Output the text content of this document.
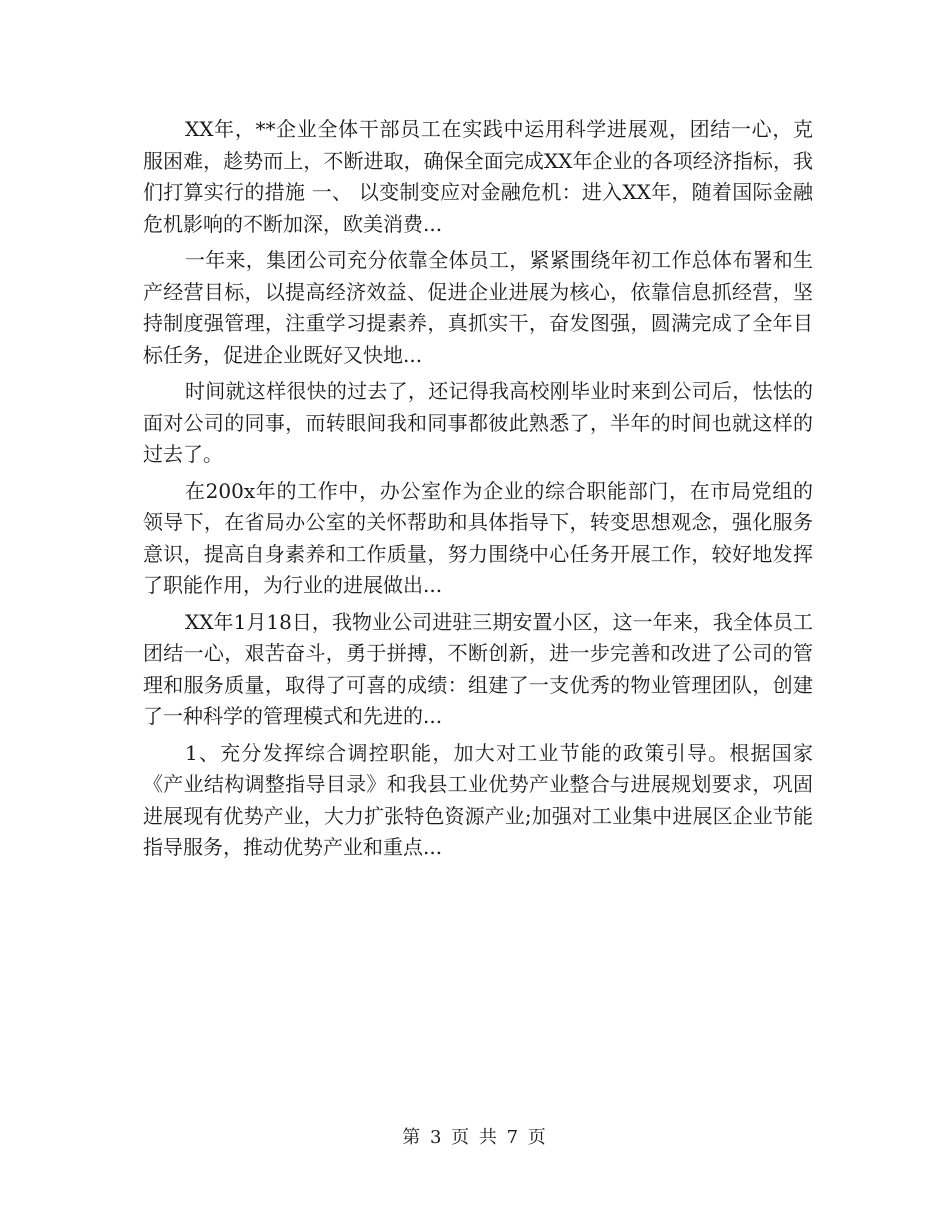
XX年，**企业全体干部员工在实践中运用科学进展观，团结一心，克服困难，趁势而上，不断进取，确保全面完成XX年企业的各项经济指标，我们打算实行的措施 一、 以变制变应对金融危机：进入XX年，随着国际金融危机影响的不断加深，欧美消费...

一年来，集团公司充分依靠全体员工，紧紧围绕年初工作总体布署和生产经营目标，以提高经济效益、促进企业进展为核心，依靠信息抓经营，坚持制度强管理，注重学习提素养，真抓实干，奋发图强，圆满完成了全年目标任务，促进企业既好又快地...

时间就这样很快的过去了，还记得我高校刚毕业时来到公司后，怯怯的面对公司的同事，而转眼间我和同事都彼此熟悉了，半年的时间也就这样的过去了。

在200x年的工作中，办公室作为企业的综合职能部门，在市局党组的领导下，在省局办公室的关怀帮助和具体指导下，转变思想观念，强化服务意识，提高自身素养和工作质量，努力围绕中心任务开展工作，较好地发挥了职能作用，为行业的进展做出...

XX年1月18日，我物业公司进驻三期安置小区，这一年来，我全体员工团结一心，艰苦奋斗，勇于拼搏，不断创新，进一步完善和改进了公司的管理和服务质量，取得了可喜的成绩：组建了一支优秀的物业管理团队，创建了一种科学的管理模式和先进的...

1、充分发挥综合调控职能，加大对工业节能的政策引导。根据国家《产业结构调整指导目录》和我县工业优势产业整合与进展规划要求，巩固进展现有优势产业，大力扩张特色资源产业;加强对工业集中进展区企业节能指导服务，推动优势产业和重点...

第 3 页 共 7 页
